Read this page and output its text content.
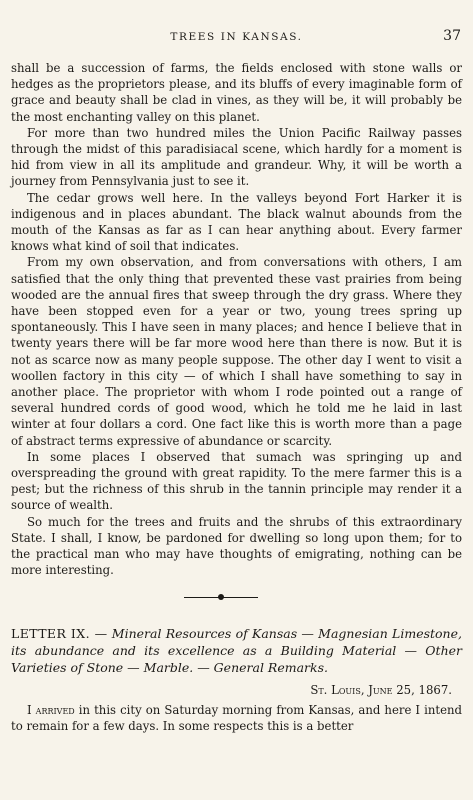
TREES IN KANSAS.	37

shall be a succession of farms, the fields enclosed with stone walls or hedges as the proprietors please, and its bluffs of every imaginable form of grace and beauty shall be clad in vines, as they will be, it will probably be the most enchanting valley on this planet.

For more than two hundred miles the Union Pacific Railway passes through the midst of this paradisiacal scene, which hardly for a moment is hid from view in all its amplitude and grandeur. Why, it will be worth a journey from Pennsylvania just to see it.

The cedar grows well here. In the valleys beyond Fort Harker it is indigenous and in places abundant. The black walnut abounds from the mouth of the Kansas as far as I can hear anything about. Every farmer knows what kind of soil that indicates.

From my own observation, and from conversations with others, I am satisfied that the only thing that prevented these vast prairies from being wooded are the annual fires that sweep through the dry grass. Where they have been stopped even for a year or two, young trees spring up spontaneously. This I have seen in many places; and hence I believe that in twenty years there will be far more wood here than there is now. But it is not as scarce now as many people suppose. The other day I went to visit a woollen factory in this city — of which I shall have something to say in another place. The proprietor with whom I rode pointed out a range of several hundred cords of good wood, which he told me he laid in last winter at four dollars a cord. One fact like this is worth more than a page of abstract terms expressive of abundance or scarcity.

In some places I observed that sumach was springing up and overspreading the ground with great rapidity. To the mere farmer this is a pest; but the richness of this shrub in the tannin principle may render it a source of wealth.

So much for the trees and fruits and the shrubs of this extraordinary State. I shall, I know, be pardoned for dwelling so long upon them; for to the practical man who may have thoughts of emigrating, nothing can be more interesting.

LETTER IX. — Mineral Resources of Kansas — Magnesian Limestone, its abundance and its excellence as a Building Material — Other Varieties of Stone — Marble. — General Remarks.
St. Louis, June 25, 1867.

I arrived in this city on Saturday morning from Kansas, and here I intend to remain for a few days. In some respects this is a better
